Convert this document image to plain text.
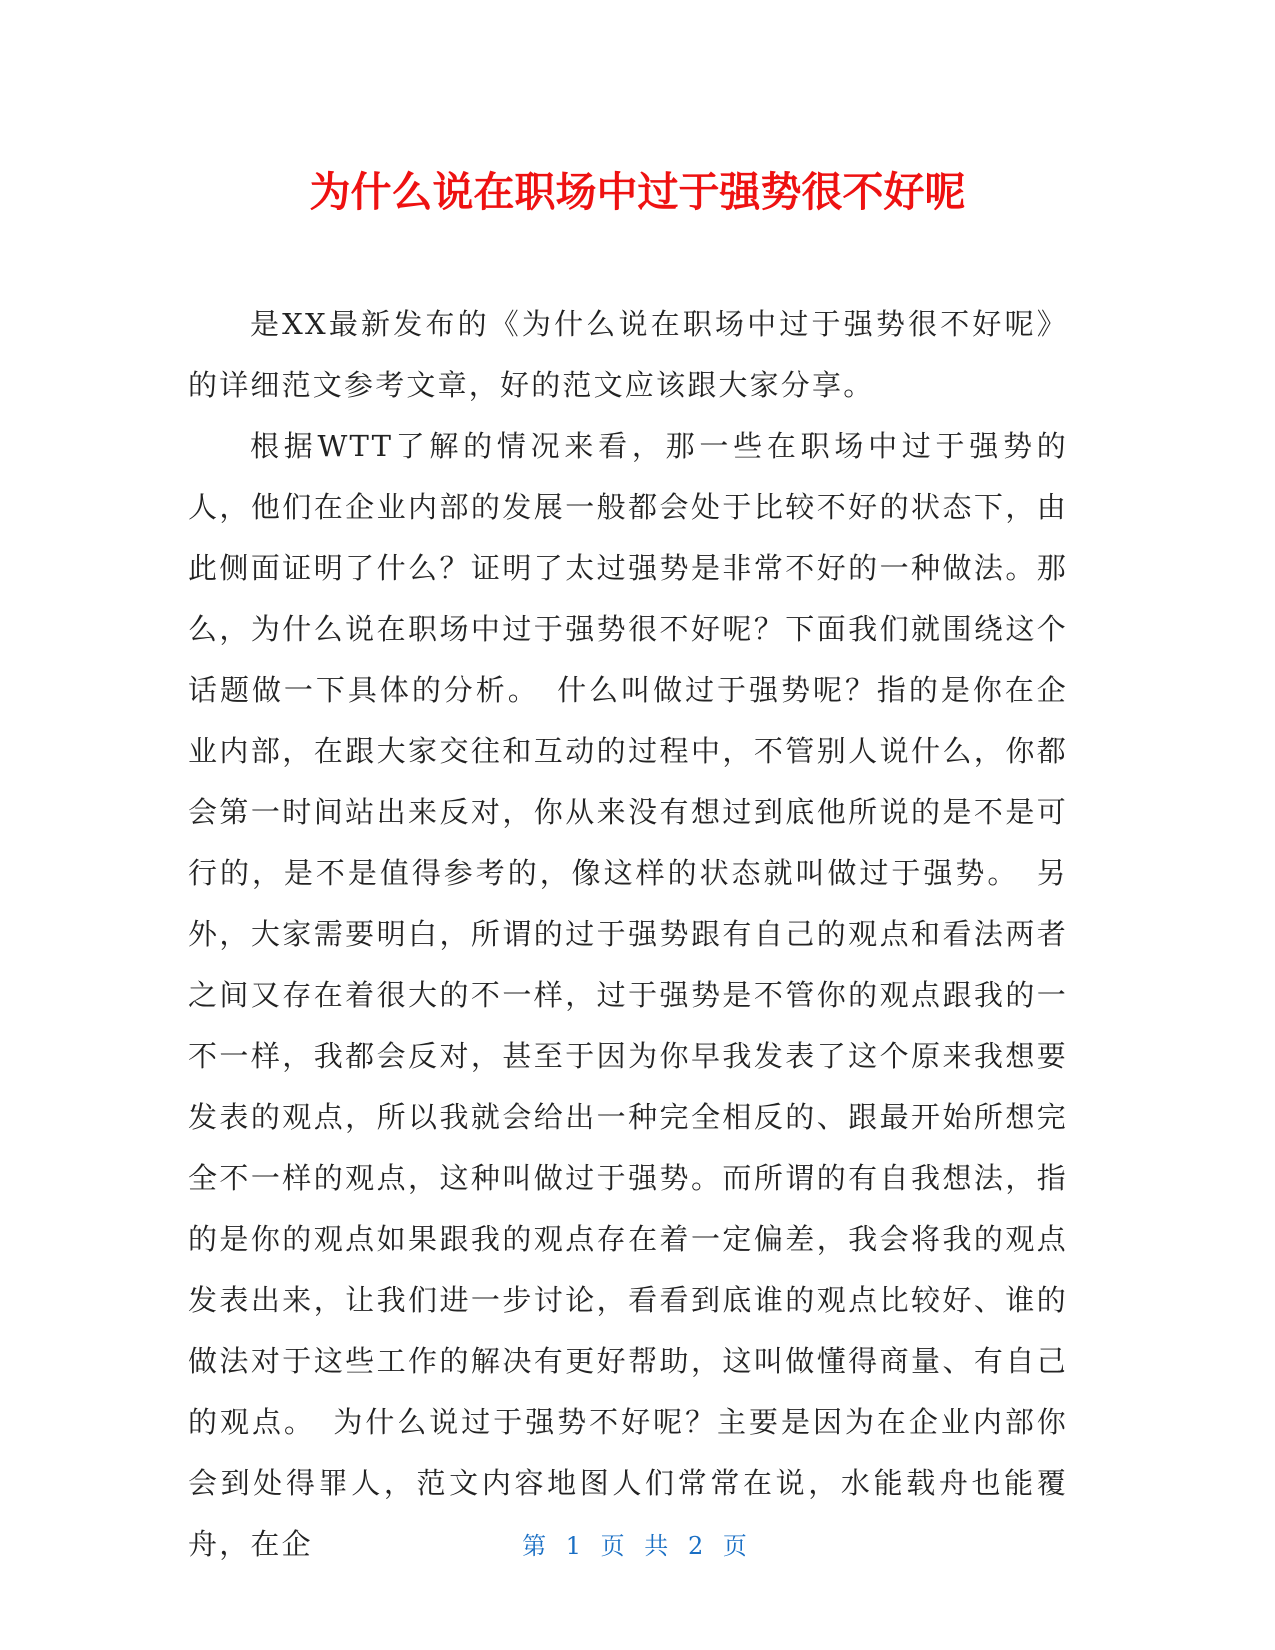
为什么说在职场中过于强势很不好呢

是XX最新发布的《为什么说在职场中过于强势很不好呢》的详细范文参考文章，好的范文应该跟大家分享。

根据WTT了解的情况来看，那一些在职场中过于强势的人，他们在企业内部的发展一般都会处于比较不好的状态下，由此侧面证明了什么？证明了太过强势是非常不好的一种做法。那么，为什么说在职场中过于强势很不好呢？下面我们就围绕这个话题做一下具体的分析。　什么叫做过于强势呢？指的是你在企业内部，在跟大家交往和互动的过程中，不管别人说什么，你都会第一时间站出来反对，你从来没有想过到底他所说的是不是可行的，是不是值得参考的，像这样的状态就叫做过于强势。　另外，大家需要明白，所谓的过于强势跟有自己的观点和看法两者之间又存在着很大的不一样，过于强势是不管你的观点跟我的一不一样，我都会反对，甚至于因为你早我发表了这个原来我想要发表的观点，所以我就会给出一种完全相反的、跟最开始所想完全不一样的观点，这种叫做过于强势。而所谓的有自我想法，指的是你的观点如果跟我的观点存在着一定偏差，我会将我的观点发表出来，让我们进一步讨论，看看到底谁的观点比较好、谁的做法对于这些工作的解决有更好帮助，这叫做懂得商量、有自己的观点。　为什么说过于强势不好呢？主要是因为在企业内部你会到处得罪人，范文内容地图人们常常在说，水能载舟也能覆舟，在企	第 1 页 共 2 页
